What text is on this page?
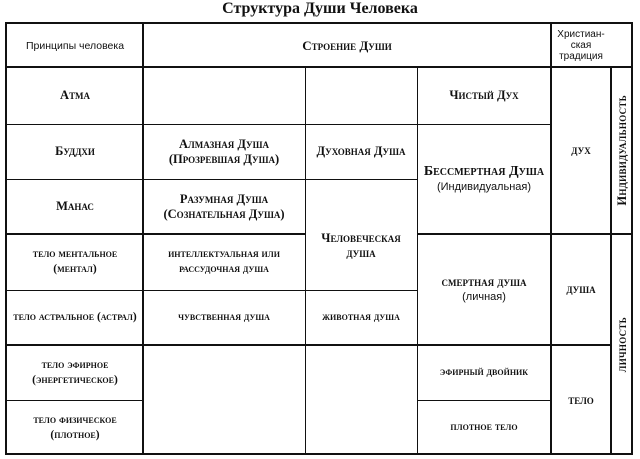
Структура Души Человека
Принципы человека	Строение Души
Христиан-ская традиция
Атма
Буддхи
Манас
тело ментальное (ментал)
тело астральное (астрал)
тело эфирное (энергетическое)
тело физическое (плотное)
Алмазная Душа (Прозревшая Душа)
Разумная Душа (Сознательная Душа)
интеллектуальная или рассудочная душа
чувственная душа
Духовная Душа
Человеческая душа
животная душа
Чистый Дух
Бессмертная Душа
(Индивидуальная)
смертная душа
(личная)
эфирный двойник
плотное тело
дух
душа
тело
Индивидуальность
личность
